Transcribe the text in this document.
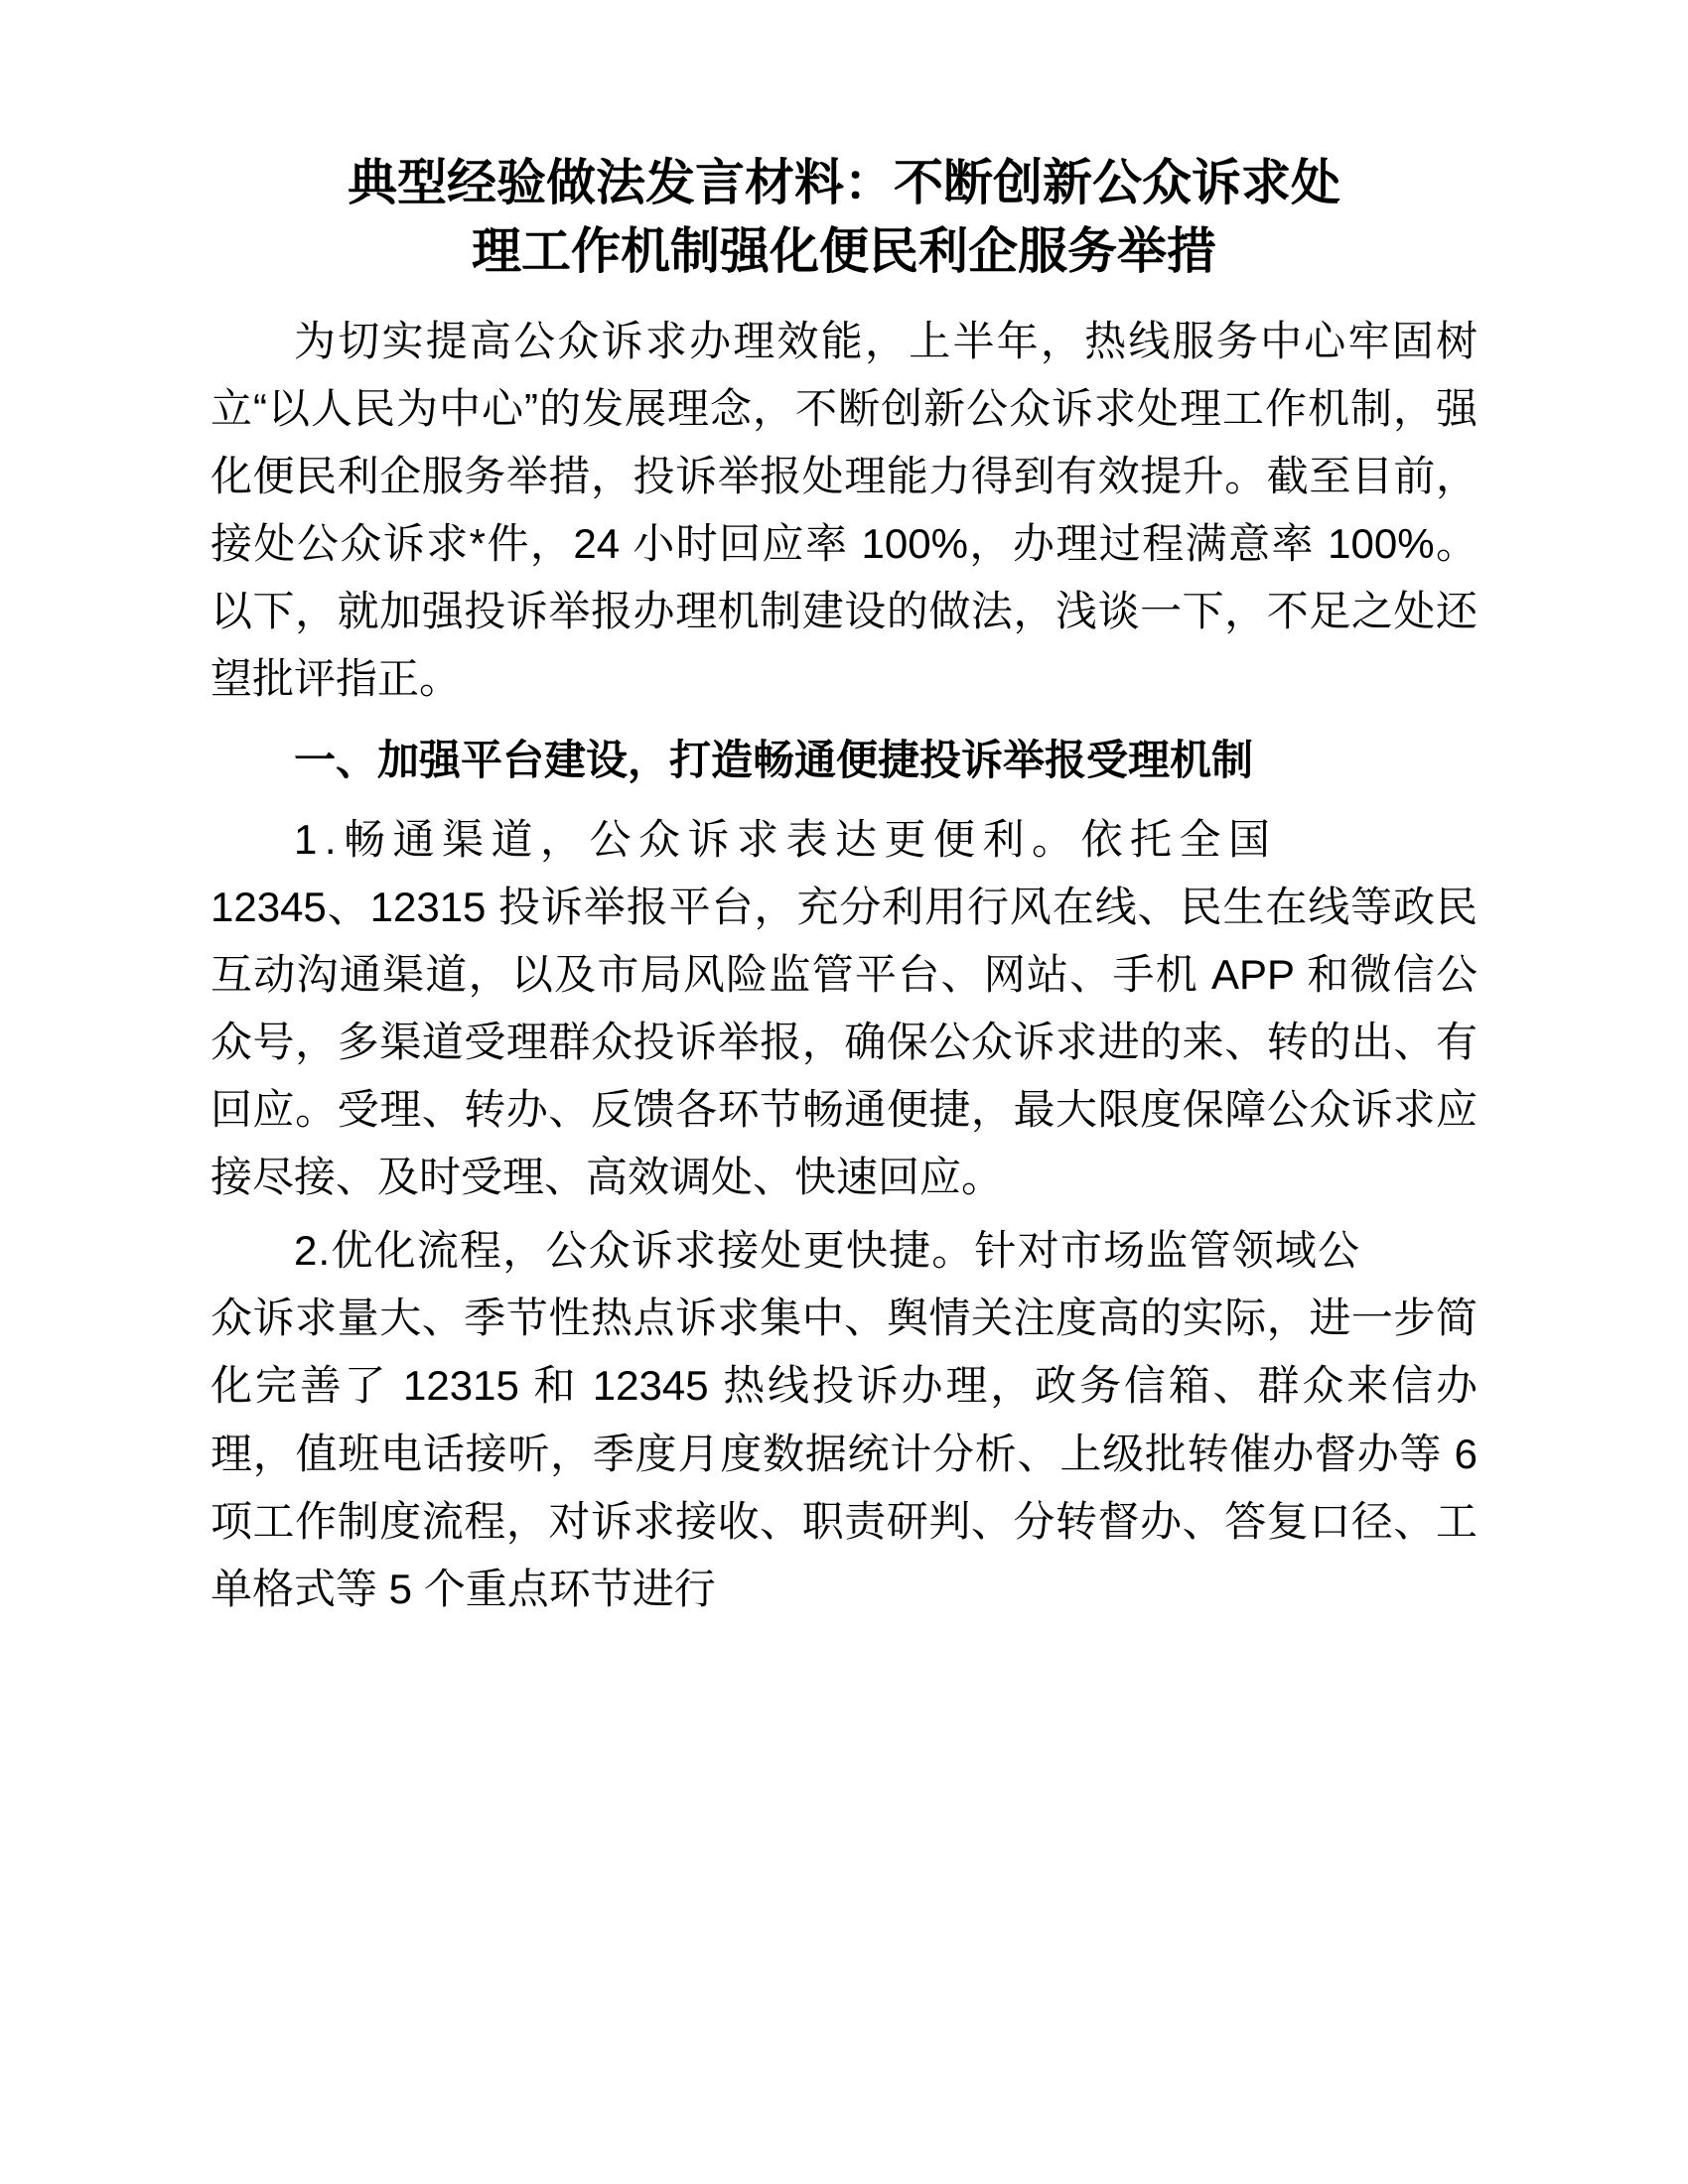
典型经验做法发言材料：不断创新公众诉求处
理工作机制强化便民利企服务举措

为切实提高公众诉求办理效能，上半年，热线服务中心牢固树立“以人民为中心”的发展理念，不断创新公众诉求处理工作机制，强化便民利企服务举措，投诉举报处理能力得到有效提升。截至目前，接处公众诉求*件，24 小时回应率 100%，办理过程满意率 100%。以下，就加强投诉举报办理机制建设的做法，浅谈一下，不足之处还望批评指正。

一、加强平台建设，打造畅通便捷投诉举报受理机制

1.畅通渠道，公众诉求表达更便利。依托全国
12345、12315 投诉举报平台，充分利用行风在线、民生在线等政民互动沟通渠道，以及市局风险监管平台、网站、手机 APP 和微信公众号，多渠道受理群众投诉举报，确保公众诉求进的来、转的出、有回应。受理、转办、反馈各环节畅通便捷，最大限度保障公众诉求应接尽接、及时受理、高效调处、快速回应。

2.优化流程，公众诉求接处更快捷。针对市场监管领域公
众诉求量大、季节性热点诉求集中、舆情关注度高的实际，进一步简化完善了 12315 和 12345 热线投诉办理，政务信箱、群众来信办理，值班电话接听，季度月度数据统计分析、上级批转催办督办等 6 项工作制度流程，对诉求接收、职责研判、分转督办、答复口径、工单格式等 5 个重点环节进行
